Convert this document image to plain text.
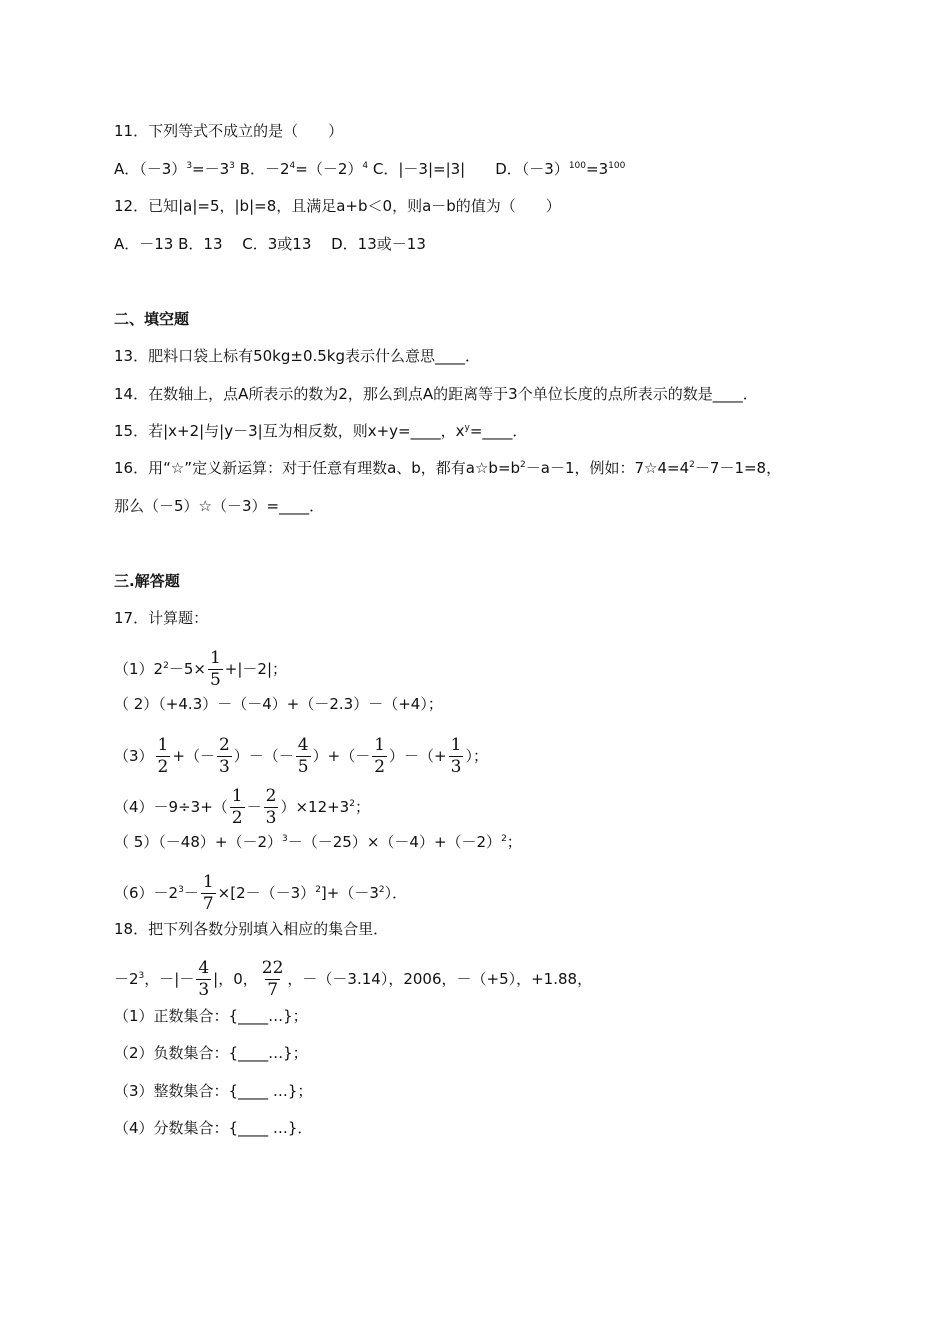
11．下列等式不成立的是（　　）
A．$(-3)^3=-3^3$ B．$-2^4=(-2)^4$ C．|－3|=|3|　　D．$(-3)^{100}=3^{100}$
12．已知|a|=5，|b|=8，且满足a+b＜0，则a－b的值为（　　）
A．－13 B．13　 C．3或13　 D．13或－13
二、填空题
13．肥料口袋上标有50kg±0.5kg表示什么意思____．
14．在数轴上，点A所表示的数为2，那么到点A的距离等于3个单位长度的点所表示的数是____．
15．若|x+2|与|y－3|互为相反数，则x+y=____，$x^y=\_\_\_\_$．
16．用“☆”定义新运算：对于任意有理数a、b，都有$a☆b=b^2-a-1$，例如：$7☆4=4^2-7-1=8$，
那么（－5）☆（－3）=____．
三.解答题
17．计算题：
$(1)2^2-5\times \frac{1}{5} +|-2|$；
（ 2）（+4.3）－（－4）+（－2.3）－（+4）；
$(3) \frac{1}{2}$ +（－ $\frac{2}{3}$ ）－（－ $\frac{4}{5}$ ）+（－ $\frac{1}{2}$ ）－（+ $\frac{1}{3}$ ）；
$(4)-9\div 3+( \frac{1}{2} - \frac{2}{3} )\times 12+3^2$；
（ $5)(-48)+(-2)^3-(-25)\times(-4)+(-2)^2$；
$(6)-2^3- \frac{1}{7} \times[2-(-3)^2]+(-3^2)$．
18．把下列各数分别填入相应的集合里．
$-2^3$，－|－ $\frac{4}{3}$ |，0， $\frac{22}{7}$ ，－（－3.14），2006，－（+5），+1.88，
（1）正数集合：{____…}；
（2）负数集合：{____…}；
（3）整数集合：{____ …}；
（4）分数集合：{____ …}．
